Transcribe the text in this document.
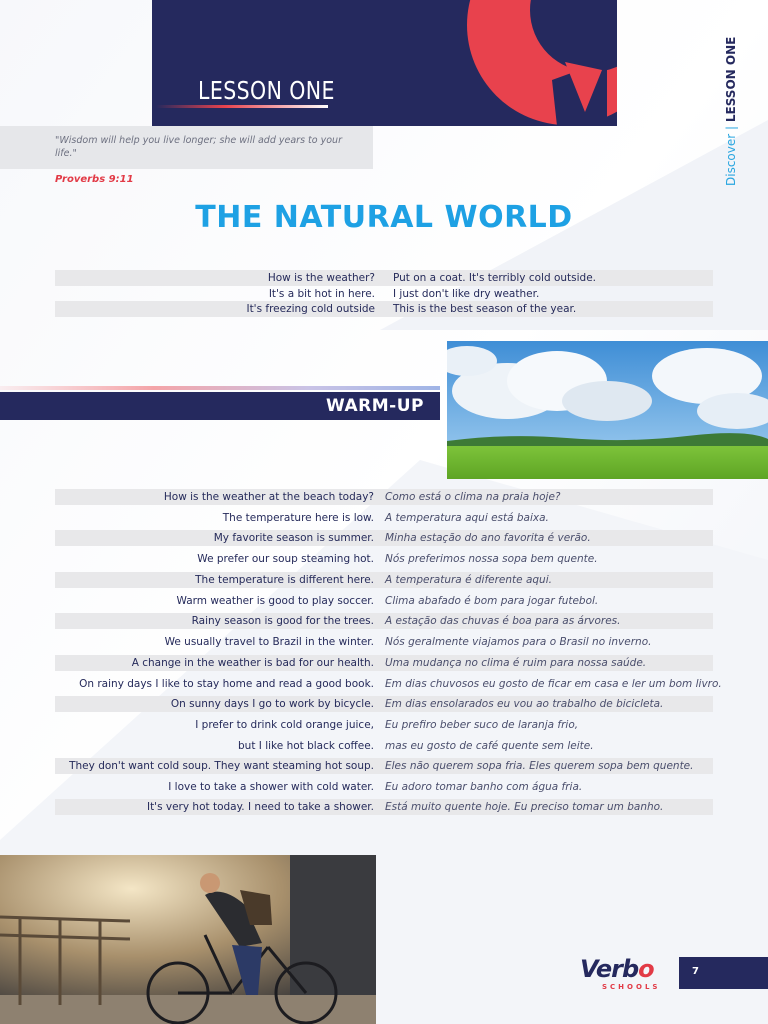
LESSON ONE
Discover | LESSON ONE
"Wisdom will help you live longer; she will add years to your life."
Proverbs 9:11
THE NATURAL WORLD
How is the weather? Put on a coat. It's terribly cold outside.
It's a bit hot in here. I just don't like dry weather.
It's freezing cold outside This is the best season of the year.
WARM-UP
How is the weather at the beach today? Como está o clima na praia hoje?
The temperature here is low. A temperatura aqui está baixa.
My favorite season is summer. Minha estação do ano favorita é verão.
We prefer our soup steaming hot. Nós preferimos nossa sopa bem quente.
The temperature is different here. A temperatura é diferente aqui.
Warm weather is good to play soccer. Clima abafado é bom para jogar futebol.
Rainy season is good for the trees. A estação das chuvas é boa para as árvores.
We usually travel to Brazil in the winter. Nós geralmente viajamos para o Brasil no inverno.
A change in the weather is bad for our health. Uma mudança no clima é ruim para nossa saúde.
On rainy days I like to stay home and read a good book. Em dias chuvosos eu gosto de ficar em casa e ler um bom livro.
On sunny days I go to work by bicycle. Em dias ensolarados eu vou ao trabalho de bicicleta.
I prefer to drink cold orange juice, Eu prefiro beber suco de laranja frio,
but I like hot black coffee. mas eu gosto de café quente sem leite.
They don't want cold soup. They want steaming hot soup. Eles não querem sopa fria. Eles querem sopa bem quente.
I love to take a shower with cold water. Eu adoro tomar banho com água fria.
It's very hot today. I need to take a shower. Está muito quente hoje. Eu preciso tomar um banho.
Verbo
SCHOOLS
7
